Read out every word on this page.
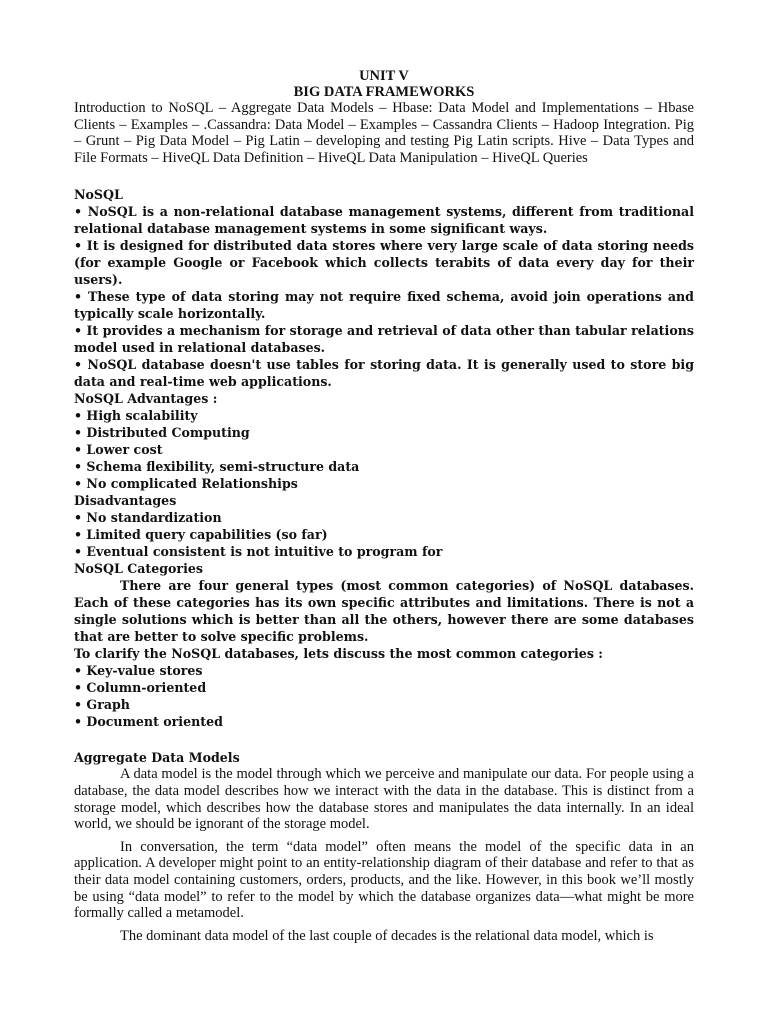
UNIT V
BIG DATA FRAMEWORKS

Introduction to NoSQL – Aggregate Data Models – Hbase: Data Model and Implementations – Hbase Clients – Examples – .Cassandra: Data Model – Examples – Cassandra Clients – Hadoop Integration. Pig – Grunt – Pig Data Model – Pig Latin – developing and testing Pig Latin scripts. Hive – Data Types and File Formats – HiveQL Data Definition – HiveQL Data Manipulation – HiveQL Queries

NoSQL

• NoSQL is a non-relational database management systems, different from traditional relational database management systems in some significant ways.

• It is designed for distributed data stores where very large scale of data storing needs (for example Google or Facebook which collects terabits of data every day for their users).

• These type of data storing may not require fixed schema, avoid join operations and typically scale horizontally.

• It provides a mechanism for storage and retrieval of data other than tabular relations model used in relational databases.

• NoSQL database doesn't use tables for storing data. It is generally used to store big data and real-time web applications.

NoSQL Advantages :

• High scalability
• Distributed Computing
• Lower cost
• Schema flexibility, semi-structure data
• No complicated Relationships

Disadvantages

• No standardization
• Limited query capabilities (so far)
• Eventual consistent is not intuitive to program for

NoSQL Categories

There are four general types (most common categories) of NoSQL databases. Each of these categories has its own specific attributes and limitations. There is not a single solutions which is better than all the others, however there are some databases that are better to solve specific problems.

To clarify the NoSQL databases, lets discuss the most common categories :

• Key-value stores
• Column-oriented
• Graph
• Document oriented

Aggregate Data Models

A data model is the model through which we perceive and manipulate our data. For people using a database, the data model describes how we interact with the data in the database. This is distinct from a storage model, which describes how the database stores and manipulates the data internally. In an ideal world, we should be ignorant of the storage model.

In conversation, the term “data model” often means the model of the specific data in an application. A developer might point to an entity-relationship diagram of their database and refer to that as their data model containing customers, orders, products, and the like. However, in this book we’ll mostly be using “data model” to refer to the model by which the database organizes data—what might be more formally called a metamodel.

The dominant data model of the last couple of decades is the relational data model, which is
